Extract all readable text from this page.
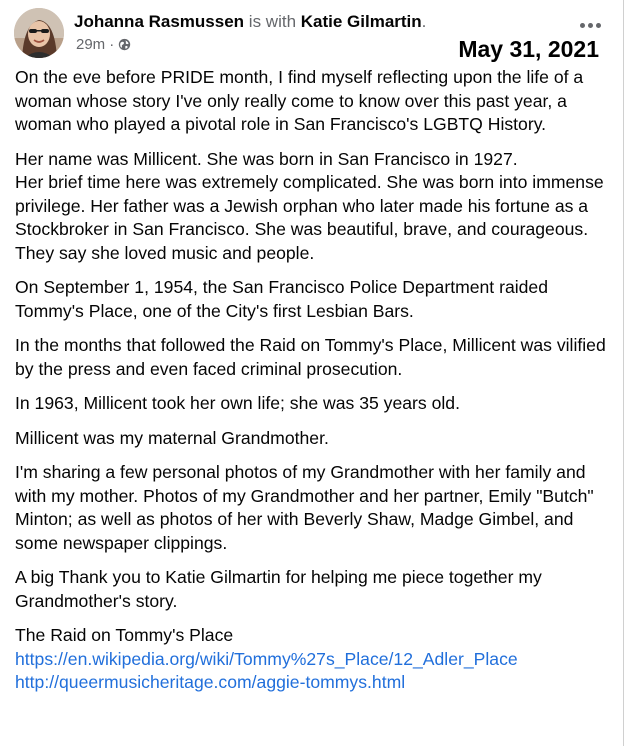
Johanna Rasmussen is with Katie Gilmartin.
29m ·	May 31, 2021

On the eve before PRIDE month, I find myself reflecting upon the life of a woman whose story I've only really come to know over this past year, a woman who played a pivotal role in San Francisco's LGBTQ History.

Her name was Millicent. She was born in San Francisco in 1927.

Her brief time here was extremely complicated. She was born into immense privilege. Her father was a Jewish orphan who later made his fortune as a Stockbroker in San Francisco. She was beautiful, brave, and courageous. They say she loved music and people.

On September 1, 1954, the San Francisco Police Department raided Tommy's Place, one of the City's first Lesbian Bars.

In the months that followed the Raid on Tommy's Place, Millicent was vilified by the press and even faced criminal prosecution.

In 1963, Millicent took her own life; she was 35 years old.

Millicent was my maternal Grandmother.

I'm sharing a few personal photos of my Grandmother with her family and with my mother. Photos of my Grandmother and her partner, Emily "Butch" Minton; as well as photos of her with Beverly Shaw, Madge Gimbel, and some newspaper clippings.

A big Thank you to Katie Gilmartin for helping me piece together my Grandmother's story.

The Raid on Tommy's Place

https://en.wikipedia.org/wiki/Tommy%27s_Place/12_Adler_Place
http://queermusicheritage.com/aggie-tommys.html
